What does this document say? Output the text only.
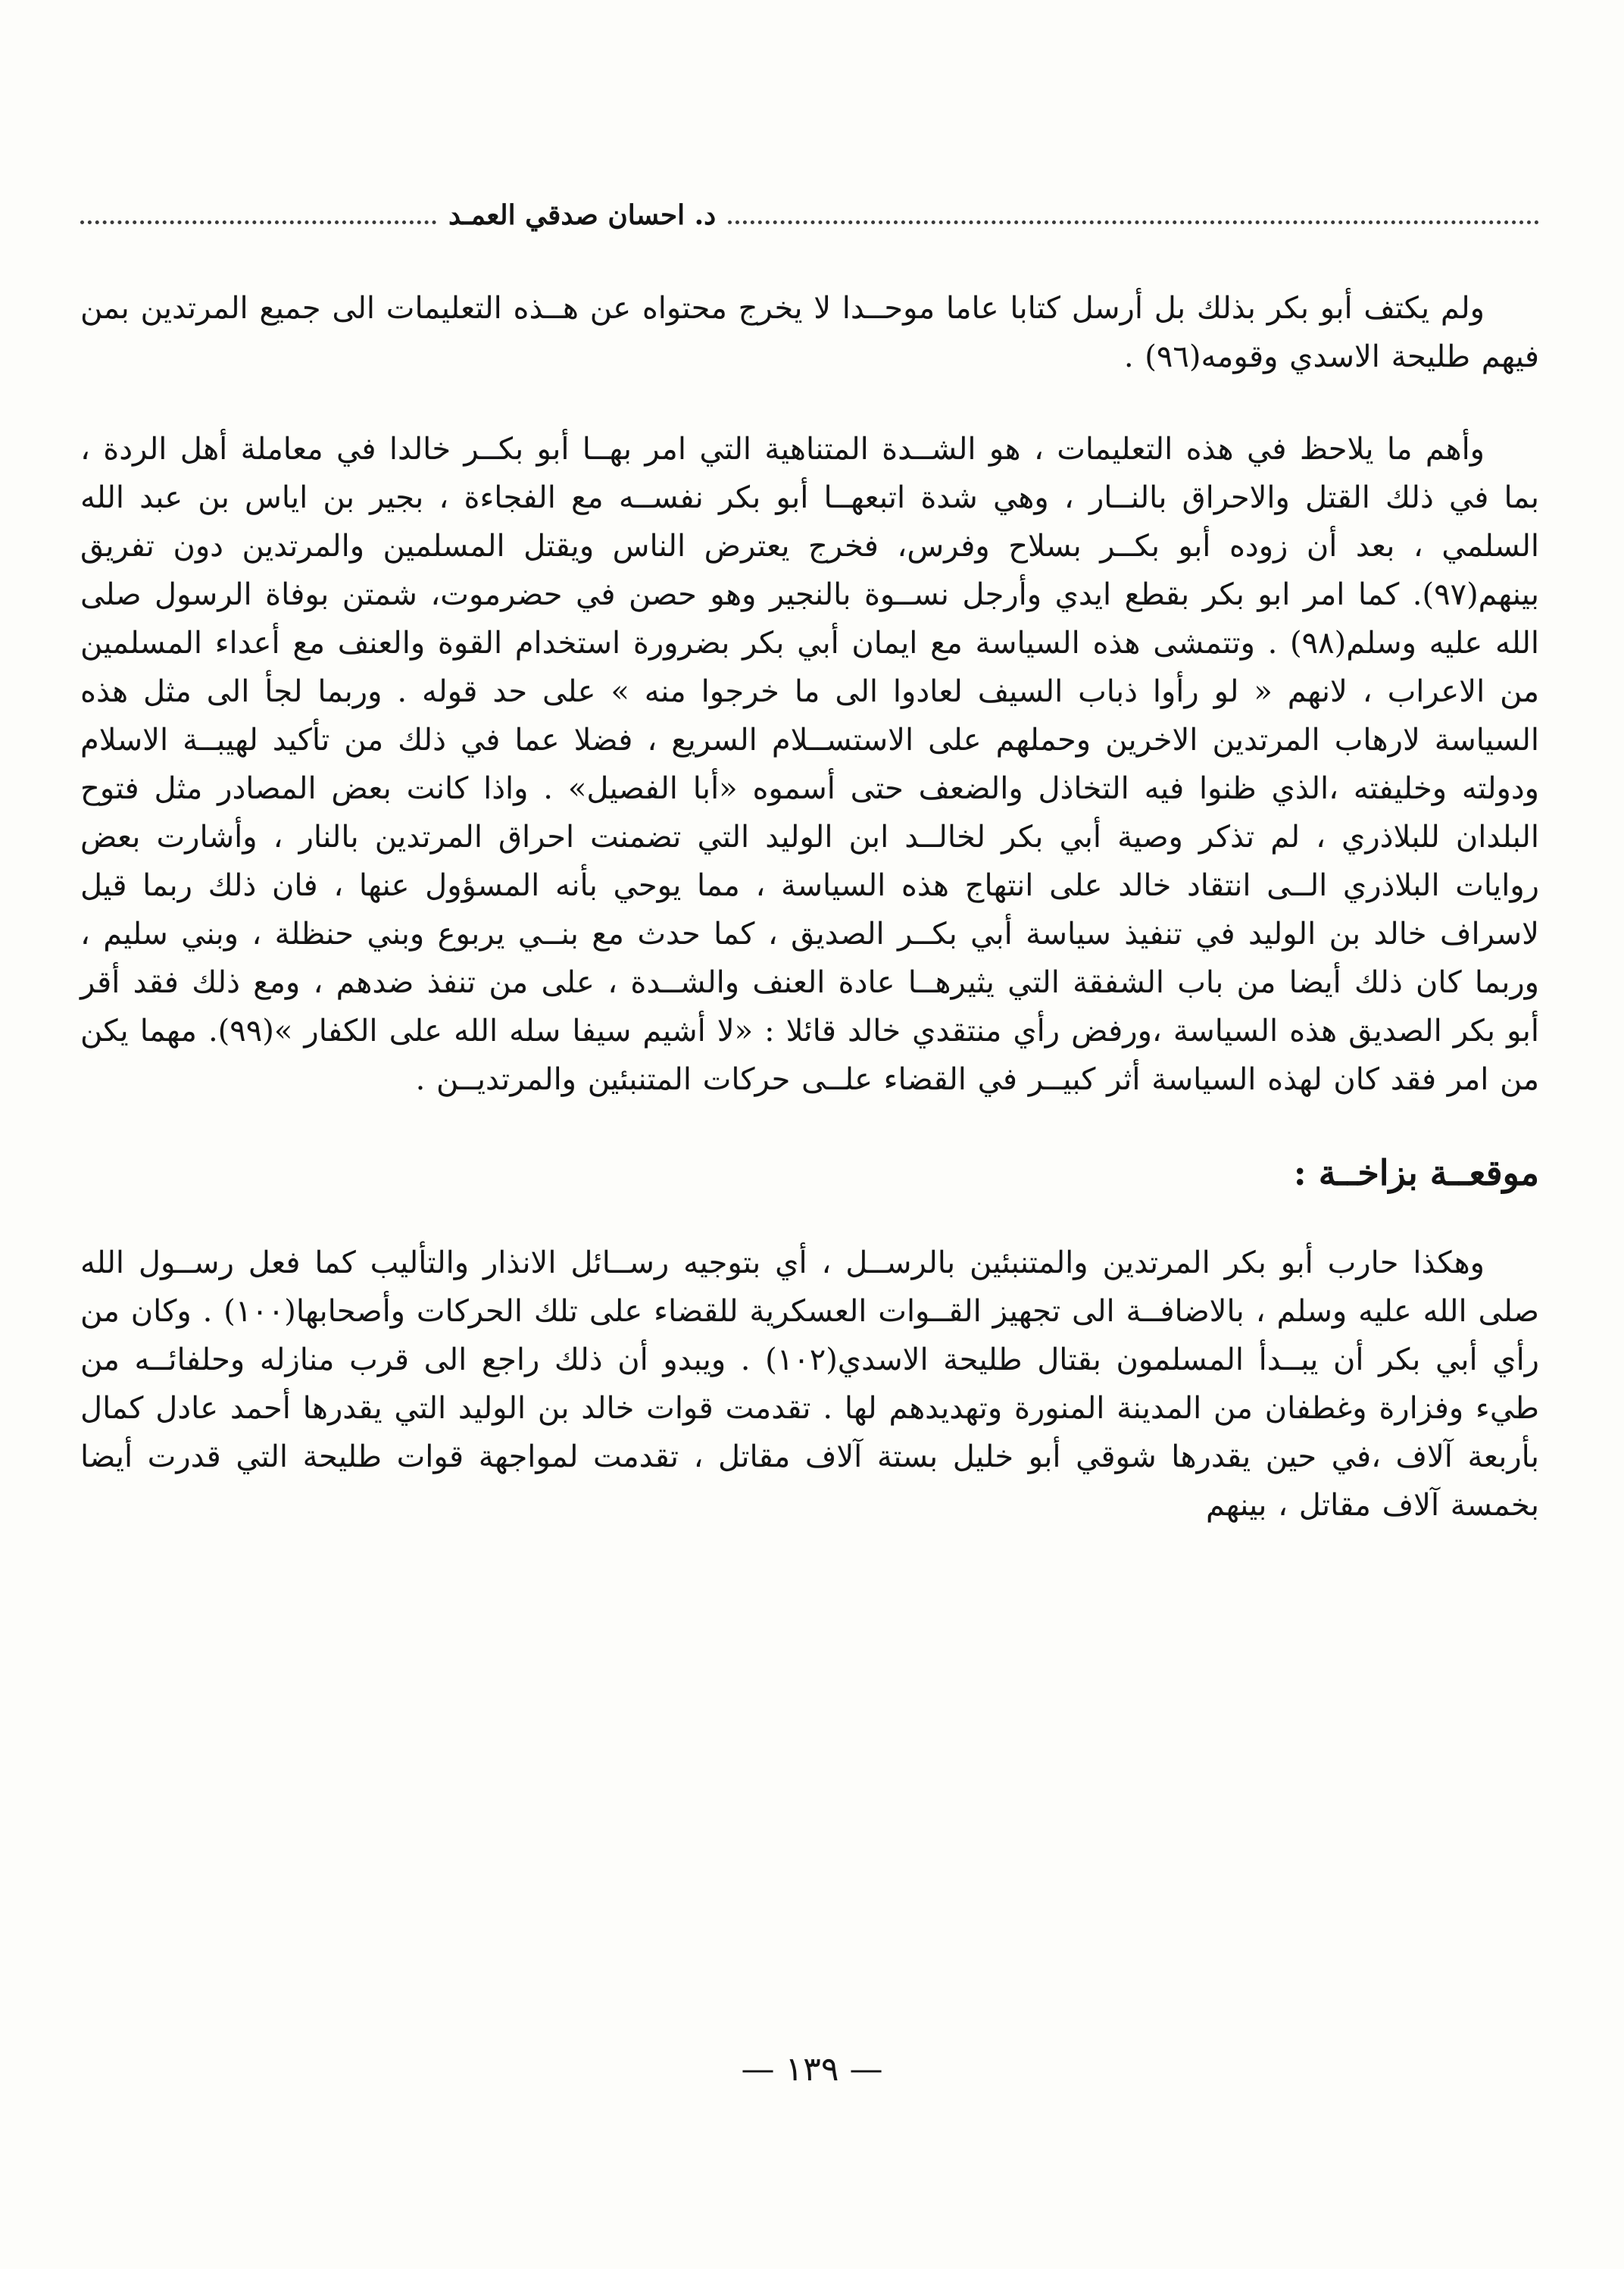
د. احسان صدقي العمـد

ولم يكتف أبو بكر بذلك بل أرسل كتابا عاما موحــدا لا يخرج محتواه عن هــذه التعليمات الى جميع المرتدين بمن فيهم طليحة الاسدي وقومه(٩٦) .

وأهم ما يلاحظ في هذه التعليمات ، هو الشــدة المتناهية التي امر بهــا أبو بكــر خالدا في معاملة أهل الردة ، بما في ذلك القتل والاحراق بالنــار ، وهي شدة اتبعهــا أبو بكر نفســه مع الفجاءة ، بجير بن اياس بن عبد الله السلمي ، بعد أن زوده أبو بكــر بسلاح وفرس، فخرج يعترض الناس ويقتل المسلمين والمرتدين دون تفريق بينهم(٩٧). كما امر ابو بكر بقطع ايدي وأرجل نســوة بالنجير وهو حصن في حضرموت، شمتن بوفاة الرسول صلى الله عليه وسلم(٩٨) . وتتمشى هذه السياسة مع ايمان أبي بكر بضرورة استخدام القوة والعنف مع أعداء المسلمين من الاعراب ، لانهم « لو رأوا ذباب السيف لعادوا الى ما خرجوا منه » على حد قوله . وربما لجأ الى مثل هذه السياسة لارهاب المرتدين الاخرين وحملهم على الاستســلام السريع ، فضلا عما في ذلك من تأكيد لهيبــة الاسلام ودولته وخليفته ،الذي ظنوا فيه التخاذل والضعف حتى أسموه «أبا الفصيل» . واذا كانت بعض المصادر مثل فتوح البلدان للبلاذري ، لم تذكر وصية أبي بكر لخالــد ابن الوليد التي تضمنت احراق المرتدين بالنار ، وأشارت بعض روايات البلاذري الــى انتقاد خالد على انتهاج هذه السياسة ، مما يوحي بأنه المسؤول عنها ، فان ذلك ربما قيل لاسراف خالد بن الوليد في تنفيذ سياسة أبي بكــر الصديق ، كما حدث مع بنــي يربوع وبني حنظلة ، وبني سليم ، وربما كان ذلك أيضا من باب الشفقة التي يثيرهــا عادة العنف والشــدة ، على من تنفذ ضدهم ، ومع ذلك فقد أقر أبو بكر الصديق هذه السياسة ،ورفض رأي منتقدي خالد قائلا : «لا أشيم سيفا سله الله على الكفار »(٩٩). مهما يكن من امر فقد كان لهذه السياسة أثر كبيــر في القضاء علــى حركات المتنبئين والمرتديــن .

موقعــة بزاخــة :

وهكذا حارب أبو بكر المرتدين والمتنبئين بالرســل ، أي بتوجيه رســائل الانذار والتأليب كما فعل رســول الله صلى الله عليه وسلم ، بالاضافــة الى تجهيز القــوات العسكرية للقضاء على تلك الحركات وأصحابها(١٠٠) . وكان من رأي أبي بكر أن يبــدأ المسلمون بقتال طليحة الاسدي(١٠٢) . ويبدو أن ذلك راجع الى قرب منازله وحلفائــه من طيء وفزارة وغطفان من المدينة المنورة وتهديدهم لها . تقدمت قوات خالد بن الوليد التي يقدرها أحمد عادل كمال بأربعة آلاف ،في حين يقدرها شوقي أبو خليل بستة آلاف مقاتل ، تقدمت لمواجهة قوات طليحة التي قدرت أيضا بخمسة آلاف مقاتل ، بينهم

— ١٣٩ —
